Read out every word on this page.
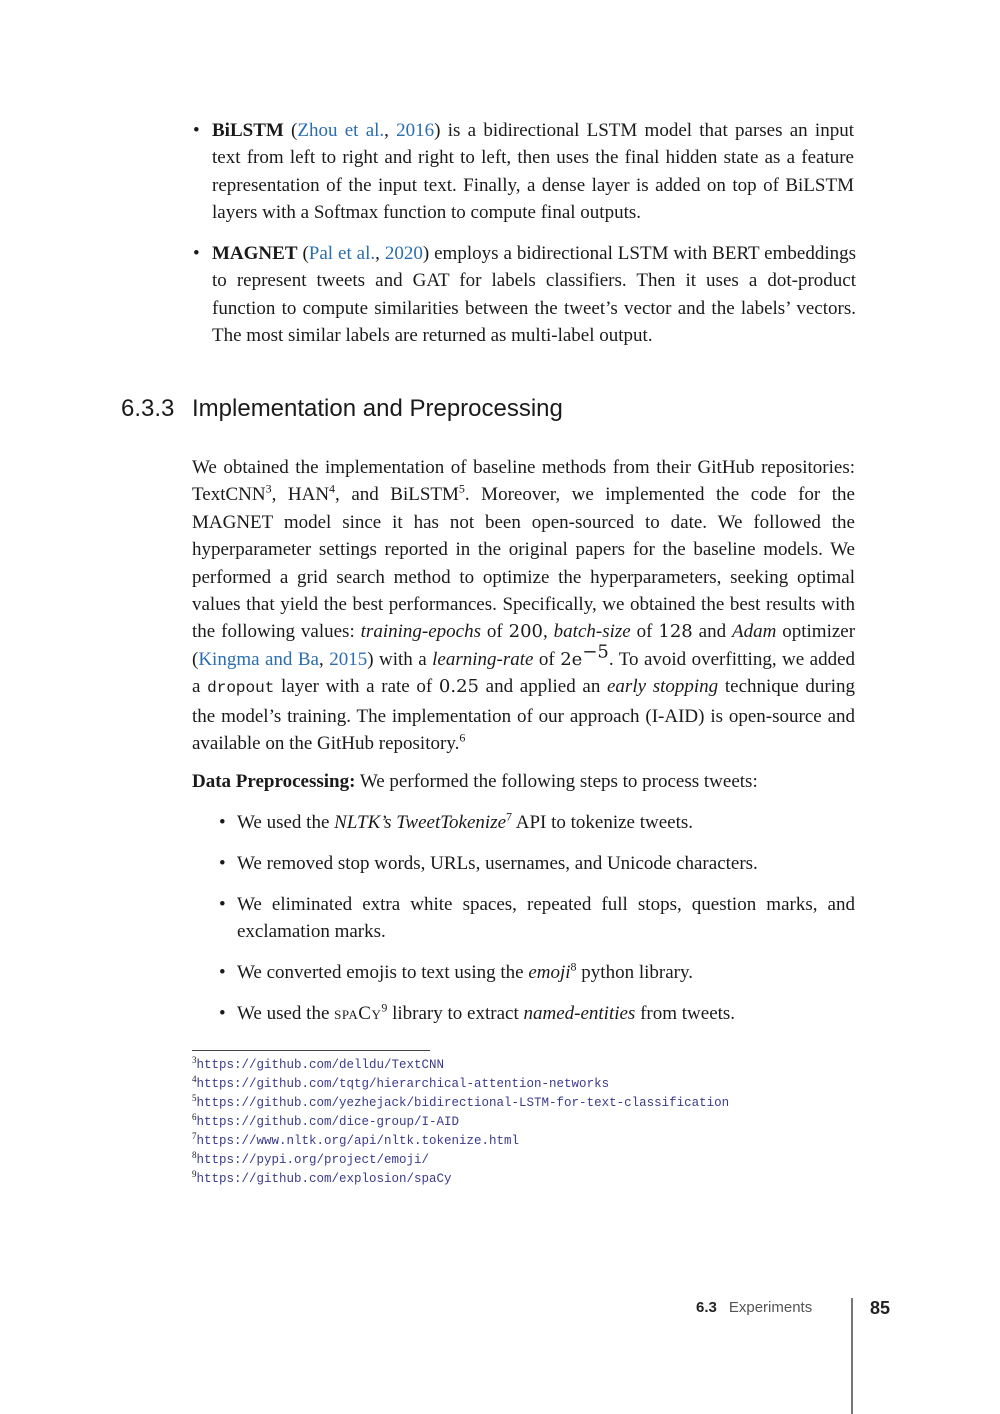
• BiLSTM (Zhou et al., 2016) is a bidirectional LSTM model that parses an input text from left to right and right to left, then uses the final hidden state as a feature representation of the input text. Finally, a dense layer is added on top of BiLSTM layers with a Softmax function to compute final outputs.
• MAGNET (Pal et al., 2020) employs a bidirectional LSTM with BERT embeddings to represent tweets and GAT for labels classifiers. Then it uses a dot-product function to compute similarities between the tweet’s vector and the labels’ vectors. The most similar labels are returned as multi-label output.
6.3.3 Implementation and Preprocessing
We obtained the implementation of baseline methods from their GitHub repositories: TextCNN$^3$, HAN$^4$, and BiLSTM$^5$. Moreover, we implemented the code for the MAGNET model since it has not been open-sourced to date. We followed the hyperparameter settings reported in the original papers for the baseline models. We performed a grid search method to optimize the hyperparameters, seeking optimal values that yield the best performances. Specifically, we obtained the best results with the following values: training-epochs of 200, batch-size of 128 and Adam optimizer (Kingma and Ba, 2015) with a learning-rate of $2e^{-5}$. To avoid overfitting, we added a dropout layer with a rate of 0.25 and applied an early stopping technique during the model’s training. The implementation of our approach (I-AID) is open-source and available on the GitHub repository.$^6$
Data Preprocessing: We performed the following steps to process tweets:
• We used the NLTK’s TweetTokenize$^7$ API to tokenize tweets.
• We removed stop words, URLs, usernames, and Unicode characters.
• We eliminated extra white spaces, repeated full stops, question marks, and exclamation marks.
• We converted emojis to text using the emoji$^8$ python library.
• We used the spaCy$^9$ library to extract named-entities from tweets.
$^3$https://github.com/delldu/TextCNN
$^4$https://github.com/tqtg/hierarchical-attention-networks
$^5$https://github.com/yezhejack/bidirectional-LSTM-for-text-classification
$^6$https://github.com/dice-group/I-AID
$^7$https://www.nltk.org/api/nltk.tokenize.html
$^8$https://pypi.org/project/emoji/
$^9$https://github.com/explosion/spaCy
6.3 Experiments	85
